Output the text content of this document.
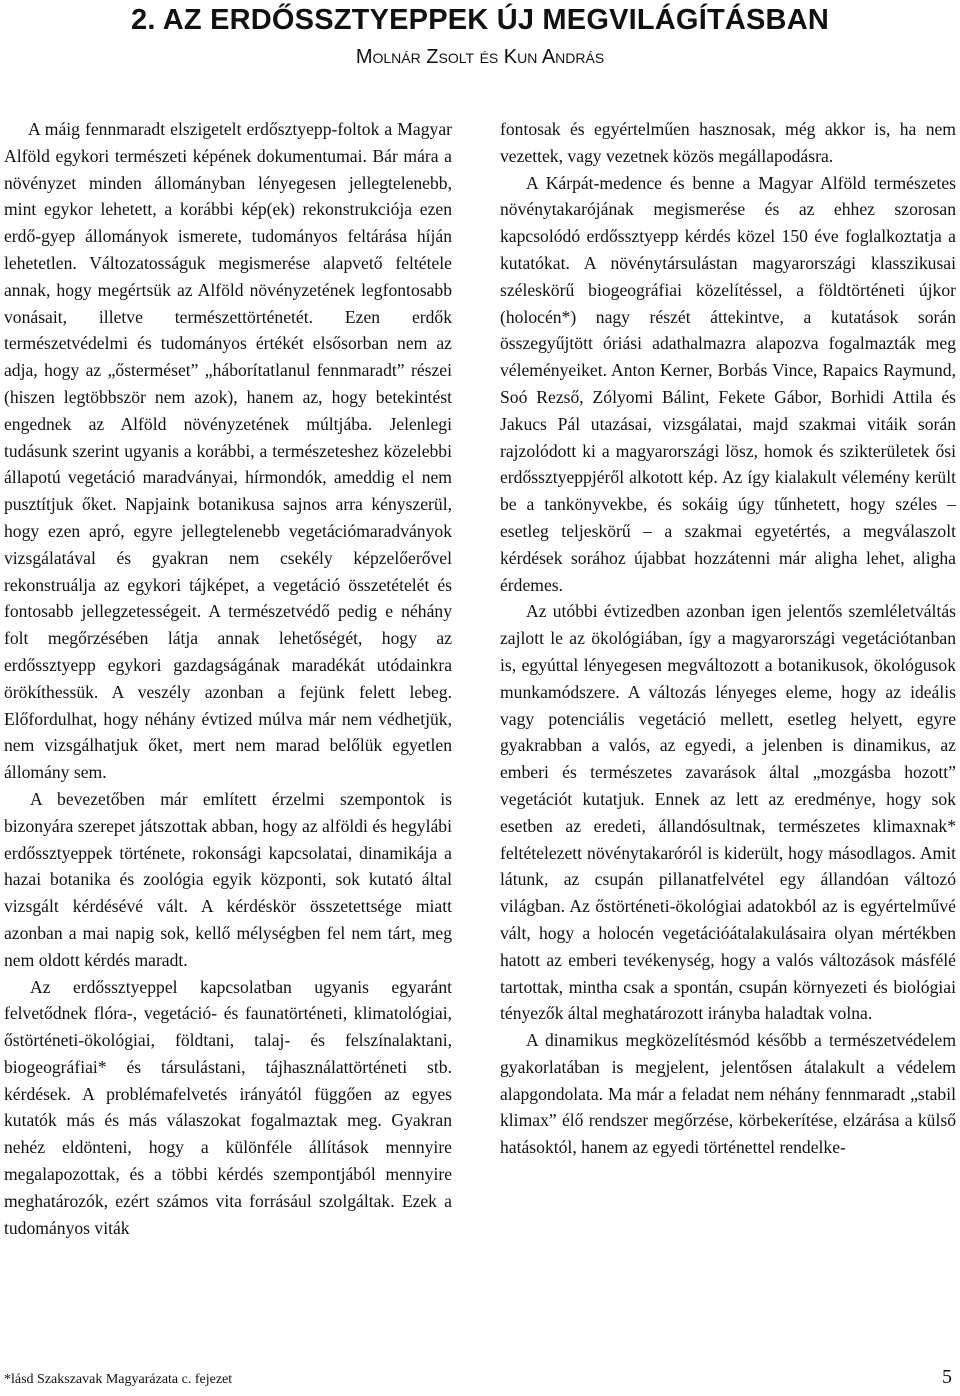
2. AZ ERDŐSSZTYEPPEK ÚJ MEGVILÁGÍTÁSBAN

Molnár Zsolt és Kun András

A máig fennmaradt elszigetelt erdősztyepp-foltok a Magyar Alföld egykori természeti képének dokumentumai. Bár mára a növényzet minden állományban lényegesen jellegtelenebb, mint egykor lehetett, a korábbi kép(ek) rekonstrukciója ezen erdő-gyep állományok ismerete, tudományos feltárása híján lehetetlen. Változatosságuk megismerése alapvető feltétele annak, hogy megértsük az Alföld növényzetének legfontosabb vonásait, illetve természettörténetét. Ezen erdők természetvédelmi és tudományos értékét elsősorban nem az adja, hogy az „ősterméset” „háborítatlanul fennmaradt” részei (hiszen legtöbbször nem azok), hanem az, hogy betekintést engednek az Alföld növényzetének múltjába. Jelenlegi tudásunk szerint ugyanis a korábbi, a természeteshez közelebbi állapotú vegetáció maradványai, hírmondók, ameddig el nem pusztítjuk őket. Napjaink botanikusa sajnos arra kényszerül, hogy ezen apró, egyre jellegtelenebb vegetációmaradványok vizsgálatával és gyakran nem csekély képzelőerővel rekonstruálja az egykori tájképet, a vegetáció összetételét és fontosabb jellegzetességeit. A természetvédő pedig e néhány folt megőrzésében látja annak lehetőségét, hogy az erdőssztyepp egykori gazdagságának maradékát utódainkra örökíthessük. A veszély azonban a fejünk felett lebeg. Előfordulhat, hogy néhány évtized múlva már nem védhetjük, nem vizsgálhatjuk őket, mert nem marad belőlük egyetlen állomány sem.

A bevezetőben már említett érzelmi szempontok is bizonyára szerepet játszottak abban, hogy az alföldi és hegylábi erdőssztyeppek története, rokonsági kapcsolatai, dinamikája a hazai botanika és zoológia egyik központi, sok kutató által vizsgált kérdésévé vált. A kérdéskör összetettsége miatt azonban a mai napig sok, kellő mélységben fel nem tárt, meg nem oldott kérdés maradt.

Az erdőssztyeppel kapcsolatban ugyanis egyaránt felvetődnek flóra-, vegetáció- és faunatörténeti, klimatológiai, őstörténeti-ökológiai, földtani, talaj- és felszínalaktani, biogeográfiai* és társulástani, tájhasználattörténeti stb. kérdések. A problémafelvetés irányától függően az egyes kutatók más és más válaszokat fogalmaztak meg. Gyakran nehéz eldönteni, hogy a különféle állítások mennyire megalapozottak, és a többi kérdés szempontjából mennyire meghatározók, ezért számos vita forrásául szolgáltak. Ezek a tudományos viták

fontosak és egyértelműen hasznosak, még akkor is, ha nem vezettek, vagy vezetnek közös megállapodásra.

A Kárpát-medence és benne a Magyar Alföld természetes növénytakarójának megismerése és az ehhez szorosan kapcsolódó erdőssztyepp kérdés közel 150 éve foglalkoztatja a kutatókat. A növénytársulástan magyarországi klasszikusai széleskörű biogeográfiai közelítéssel, a földtörténeti újkor (holocén*) nagy részét áttekintve, a kutatások során összegyűjtött óriási adathalmazra alapozva fogalmazták meg véleményeiket. Anton Kerner, Borbás Vince, Rapaics Raymund, Soó Rezső, Zólyomi Bálint, Fekete Gábor, Borhidi Attila és Jakucs Pál utazásai, vizsgálatai, majd szakmai vitáik során rajzolódott ki a magyarországi lösz, homok és szikterületek ősi erdőssztyeppjéről alkotott kép. Az így kialakult vélemény került be a tankönyvekbe, és sokáig úgy tűnhetett, hogy széles – esetleg teljeskörű – a szakmai egyetértés, a megválaszolt kérdések sorához újabbat hozzátenni már aligha lehet, aligha érdemes.

Az utóbbi évtizedben azonban igen jelentős szemléletváltás zajlott le az ökológiában, így a magyarországi vegetációtanban is, egyúttal lényegesen megváltozott a botanikusok, ökológusok munkamódszere. A változás lényeges eleme, hogy az ideális vagy potenciális vegetáció mellett, esetleg helyett, egyre gyakrabban a valós, az egyedi, a jelenben is dinamikus, az emberi és természetes zavarások által „mozgásba hozott” vegetációt kutatjuk. Ennek az lett az eredménye, hogy sok esetben az eredeti, állandósultnak, természetes klimaxnak* feltételezett növénytakaróról is kiderült, hogy másodlagos. Amit látunk, az csupán pillanatfelvétel egy állandóan változó világban. Az őstörténeti-ökológiai adatokból az is egyértelművé vált, hogy a holocén vegetációátalakulásaira olyan mértékben hatott az emberi tevékenység, hogy a valós változások másfélé tartottak, mintha csak a spontán, csupán környezeti és biológiai tényezők által meghatározott irányba haladtak volna.

A dinamikus megközelítésmód később a természetvédelem gyakorlatában is megjelent, jelentősen átalakult a védelem alapgondolata. Ma már a feladat nem néhány fennmaradt „stabil klimax” élő rendszer megőrzése, körbekerítése, elzárása a külső hatásoktól, hanem az egyedi történettel rendelke-

*lásd Szakszavak Magyarázata c. fejezet	5
